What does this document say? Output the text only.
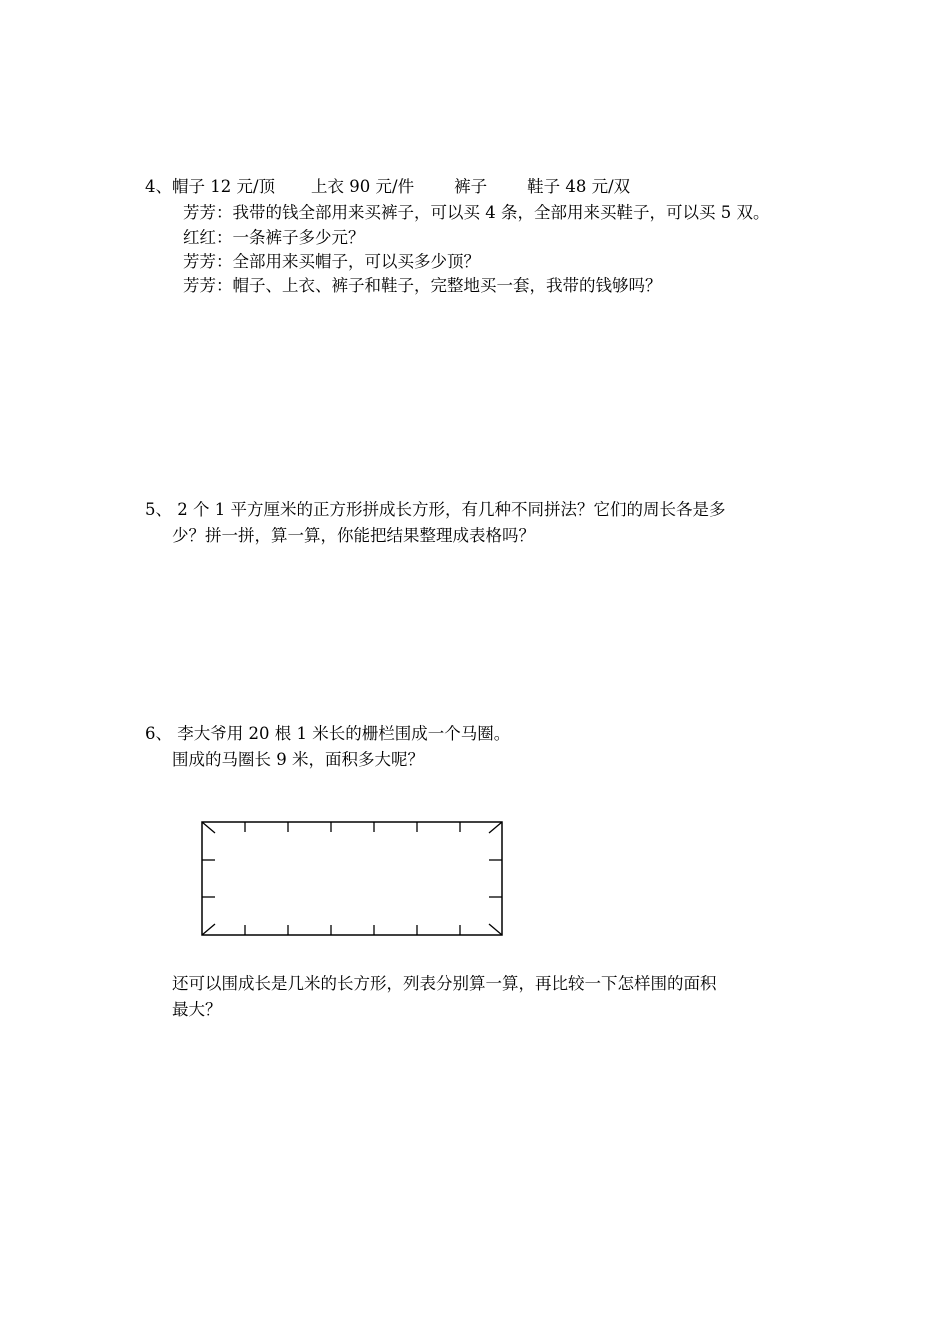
4、帽子 12 元/顶 上衣 90 元/件 裤子 鞋子 48 元/双
芳芳：我带的钱全部用来买裤子，可以买 4 条，全部用来买鞋子，可以买 5 双。
红红：一条裤子多少元？
芳芳：全部用来买帽子，可以买多少顶？
芳芳：帽子、上衣、裤子和鞋子，完整地买一套，我带的钱够吗？
5、 2 个 1 平方厘米的正方形拼成长方形，有几种不同拼法？它们的周长各是多
少？拼一拼，算一算，你能把结果整理成表格吗？
6、 李大爷用 20 根 1 米长的栅栏围成一个马圈。
围成的马圈长 9 米，面积多大呢？
还可以围成长是几米的长方形，列表分别算一算，再比较一下怎样围的面积
最大？
